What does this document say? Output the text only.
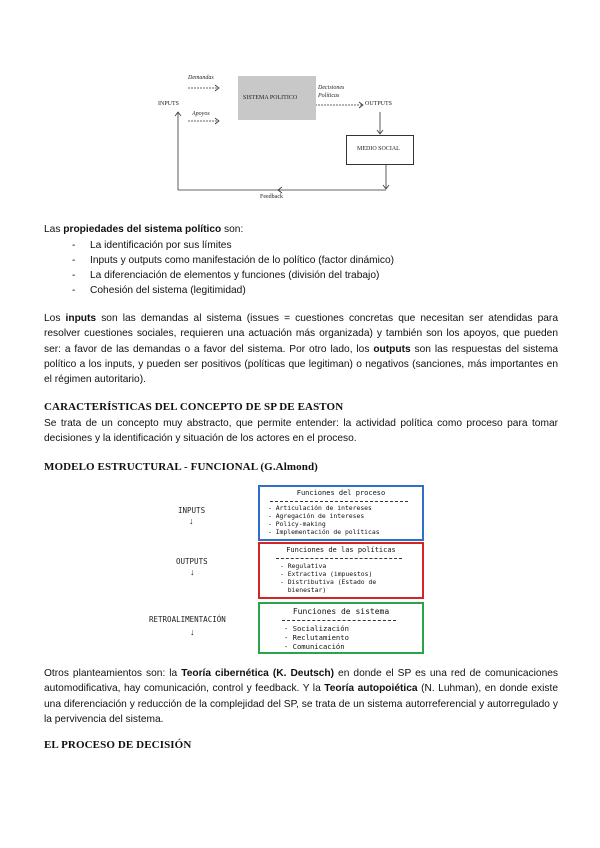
Demandas
INPUTS
Apoyos
SISTEMA POLITICO
Decisiones
Políticas
OUTPUTS
MEDIO SOCIAL
Feedback
Las propiedades del sistema político son:
- La identificación por sus límites
- Inputs y outputs como manifestación de lo político (factor dinámico)
- La diferenciación de elementos y funciones (división del trabajo)
- Cohesión del sistema (legitimidad)
Los inputs son las demandas al sistema (issues = cuestiones concretas que necesitan ser atendidas para resolver cuestiones sociales, requieren una actuación más organizada) y también son los apoyos, que pueden ser: a favor de las demandas o a favor del sistema. Por otro lado, los outputs son las respuestas del sistema político a los inputs, y pueden ser positivos (políticas que legitiman) o negativos (sanciones, más importantes en el régimen autoritario).
CARACTERÍSTICAS DEL CONCEPTO DE SP DE EASTON
Se trata de un concepto muy abstracto, que permite entender: la actividad política como proceso para tomar decisiones y la identificación y situación de los actores en el proceso.
MODELO ESTRUCTURAL - FUNCIONAL (G.Almond)
INPUTS
↓
OUTPUTS
↓
RETROALIMENTACIÓN
↓
Funciones del proceso
- Articulación de intereses
- Agregación de intereses
- Policy-making
- Implementación de políticas
Funciones de las políticas
- Regulativa
- Extractiva (impuestos)
- Distributiva (Estado de
bienestar)
Funciones de sistema
- Socialización
- Reclutamiento
- Comunicación
Otros planteamientos son: la Teoría cibernética (K. Deutsch) en donde el SP es una red de comunicaciones automodificativa, hay comunicación, control y feedback. Y la Teoría autopoiética (N. Luhman), en donde existe una diferenciación y reducción de la complejidad del SP, se trata de un sistema autorreferencial y autorregulado y la pervivencia del sistema.
EL PROCESO DE DECISIÓN
